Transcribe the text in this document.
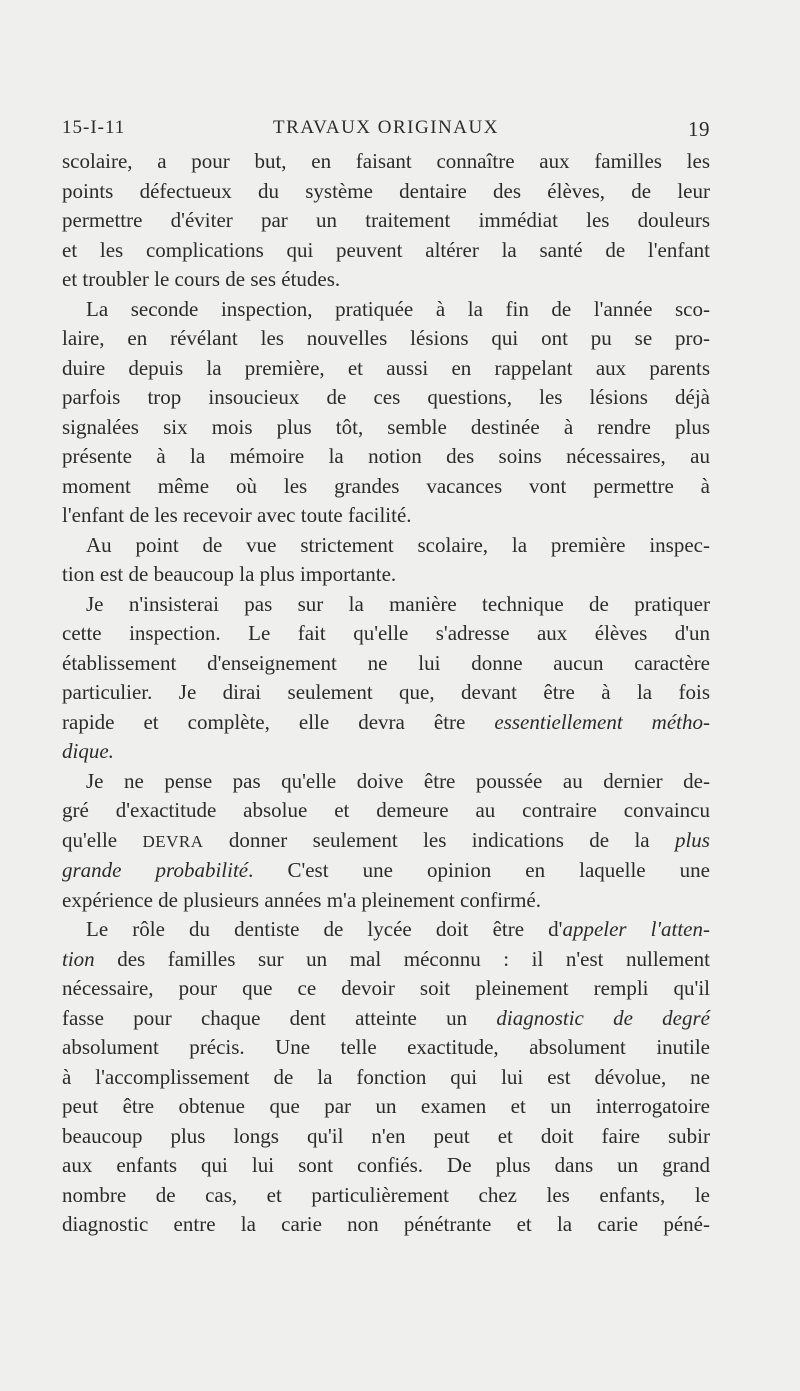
15-I-11	TRAVAUX ORIGINAUX	19

scolaire, a pour but, en faisant connaître aux familles les
points défectueux du système dentaire des élèves, de leur
permettre d'éviter par un traitement immédiat les douleurs
et les complications qui peuvent altérer la santé de l'enfant
et troubler le cours de ses études.

La seconde inspection, pratiquée à la fin de l'année sco-
laire, en révélant les nouvelles lésions qui ont pu se pro-
duire depuis la première, et aussi en rappelant aux parents
parfois trop insoucieux de ces questions, les lésions déjà
signalées six mois plus tôt, semble destinée à rendre plus
présente à la mémoire la notion des soins nécessaires, au
moment même où les grandes vacances vont permettre à
l'enfant de les recevoir avec toute facilité.

Au point de vue strictement scolaire, la première inspec-
tion est de beaucoup la plus importante.

Je n'insisterai pas sur la manière technique de pratiquer
cette inspection. Le fait qu'elle s'adresse aux élèves d'un
établissement d'enseignement ne lui donne aucun caractère
particulier. Je dirai seulement que, devant être à la fois
rapide et complète, elle devra être essentiellement métho-
dique.

Je ne pense pas qu'elle doive être poussée au dernier de-
gré d'exactitude absolue et demeure au contraire convaincu
qu'elle DEVRA donner seulement les indications de la plus
grande probabilité. C'est une opinion en laquelle une
expérience de plusieurs années m'a pleinement confirmé.

Le rôle du dentiste de lycée doit être d'appeler l'atten-
tion des familles sur un mal méconnu : il n'est nullement
nécessaire, pour que ce devoir soit pleinement rempli qu'il
fasse pour chaque dent atteinte un diagnostic de degré
absolument précis. Une telle exactitude, absolument inutile
à l'accomplissement de la fonction qui lui est dévolue, ne
peut être obtenue que par un examen et un interrogatoire
beaucoup plus longs qu'il n'en peut et doit faire subir
aux enfants qui lui sont confiés. De plus dans un grand
nombre de cas, et particulièrement chez les enfants, le
diagnostic entre la carie non pénétrante et la carie péné-
